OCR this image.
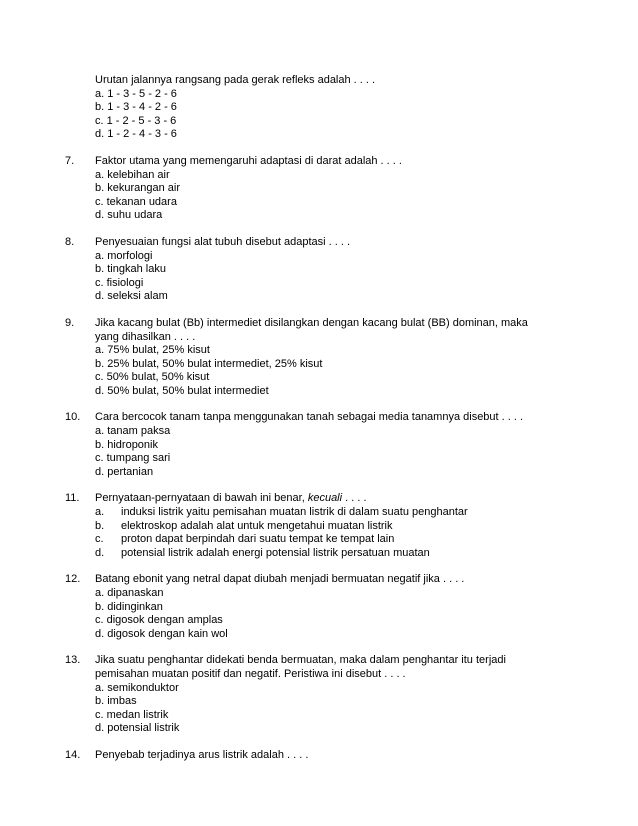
Urutan jalannya rangsang pada gerak refleks adalah . . . .
a. 1 - 3 - 5 - 2 - 6
b. 1 - 3 - 4 - 2 - 6
c. 1 - 2 - 5 - 3 - 6
d. 1 - 2 - 4 - 3 - 6
7. Faktor utama yang memengaruhi adaptasi di darat adalah . . . .
a. kelebihan air
b. kekurangan air
c. tekanan udara
d. suhu udara
8. Penyesuaian fungsi alat tubuh disebut adaptasi . . . .
a. morfologi
b. tingkah laku
c. fisiologi
d. seleksi alam
9. Jika kacang bulat (Bb) intermediet disilangkan dengan kacang bulat (BB) dominan, maka
yang dihasilkan . . . .
a. 75% bulat, 25% kisut
b. 25% bulat, 50% bulat intermediet, 25% kisut
c. 50% bulat, 50% kisut
d. 50% bulat, 50% bulat intermediet
10. Cara bercocok tanam tanpa menggunakan tanah sebagai media tanamnya disebut . . . .
a. tanam paksa
b. hidroponik
c. tumpang sari
d. pertanian
11. Pernyataan-pernyataan di bawah ini benar, kecuali . . . .
a. induksi listrik yaitu pemisahan muatan listrik di dalam suatu penghantar
b. elektroskop adalah alat untuk mengetahui muatan listrik
c. proton dapat berpindah dari suatu tempat ke tempat lain
d. potensial listrik adalah energi potensial listrik persatuan muatan
12. Batang ebonit yang netral dapat diubah menjadi bermuatan negatif jika . . . .
a. dipanaskan
b. didinginkan
c. digosok dengan amplas
d. digosok dengan kain wol
13. Jika suatu penghantar didekati benda bermuatan, maka dalam penghantar itu terjadi
pemisahan muatan positif dan negatif. Peristiwa ini disebut . . . .
a. semikonduktor
b. imbas
c. medan listrik
d. potensial listrik
14. Penyebab terjadinya arus listrik adalah . . . .
